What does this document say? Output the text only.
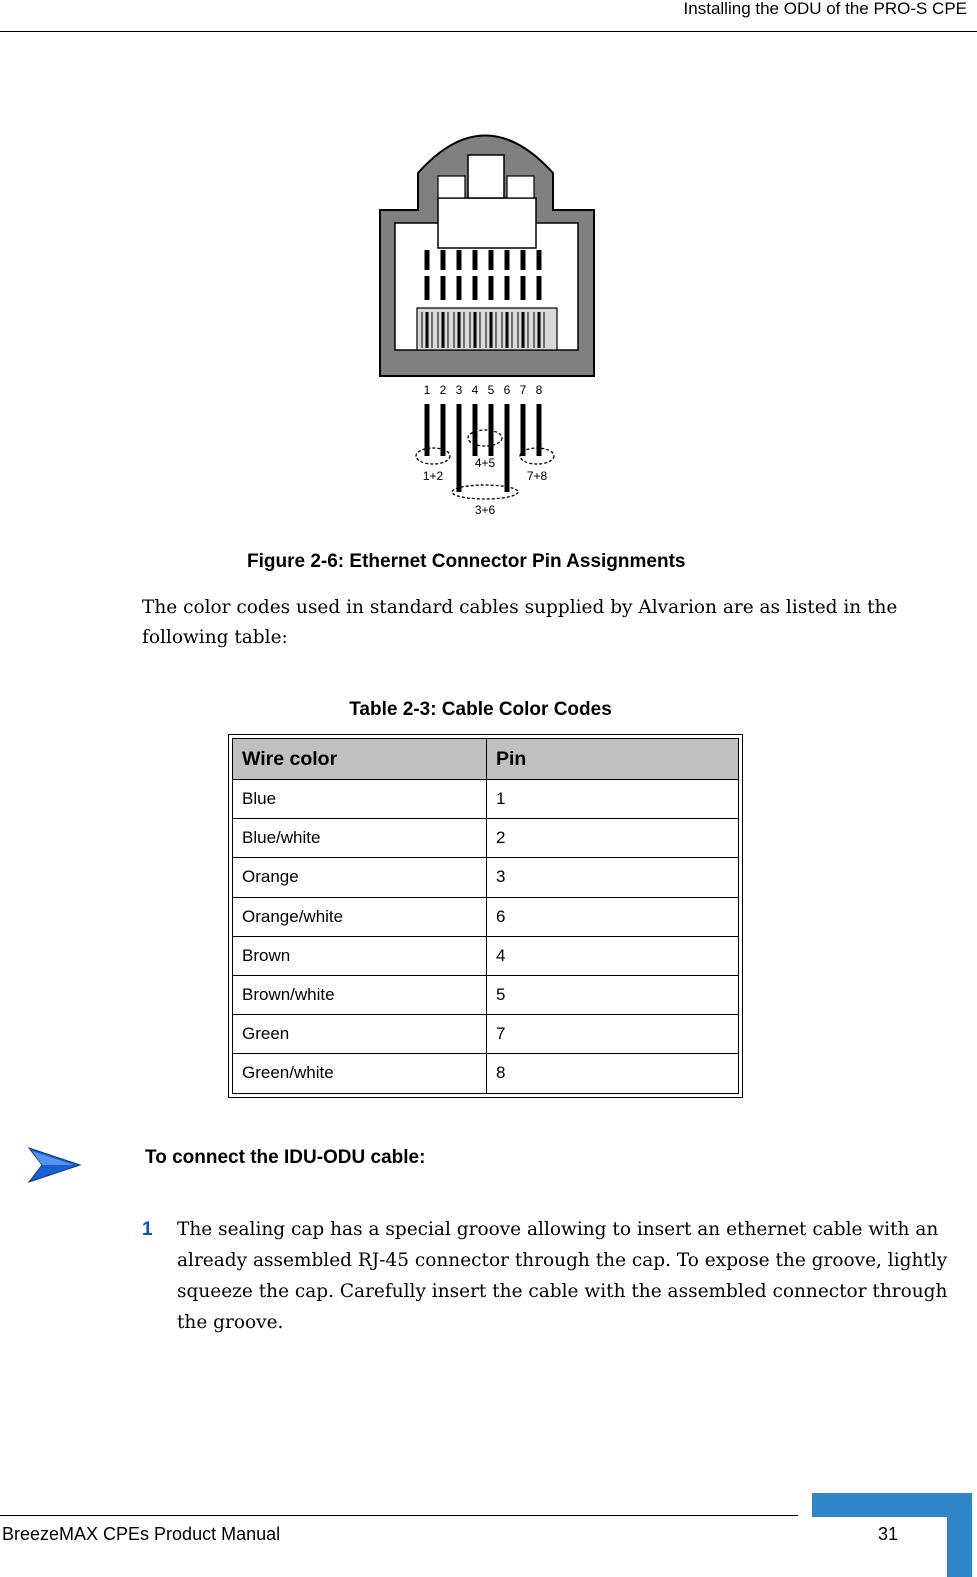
Installing the ODU of the PRO-S CPE
1 2 3 4 5 6 7 8
1+2
4+5
7+8
3+6
Figure 2-6: Ethernet Connector Pin Assignments
The color codes used in standard cables supplied by Alvarion are as listed in the following table:
Table 2-3: Cable Color Codes
Wire color	Pin
Blue	1
Blue/white	2
Orange	3
Orange/white	6
Brown	4
Brown/white	5
Green	7
Green/white	8
To connect the IDU-ODU cable:
1 The sealing cap has a special groove allowing to insert an ethernet cable with an already assembled RJ-45 connector through the cap. To expose the groove, lightly squeeze the cap. Carefully insert the cable with the assembled connector through the groove.
BreezeMAX CPEs Product Manual	31
